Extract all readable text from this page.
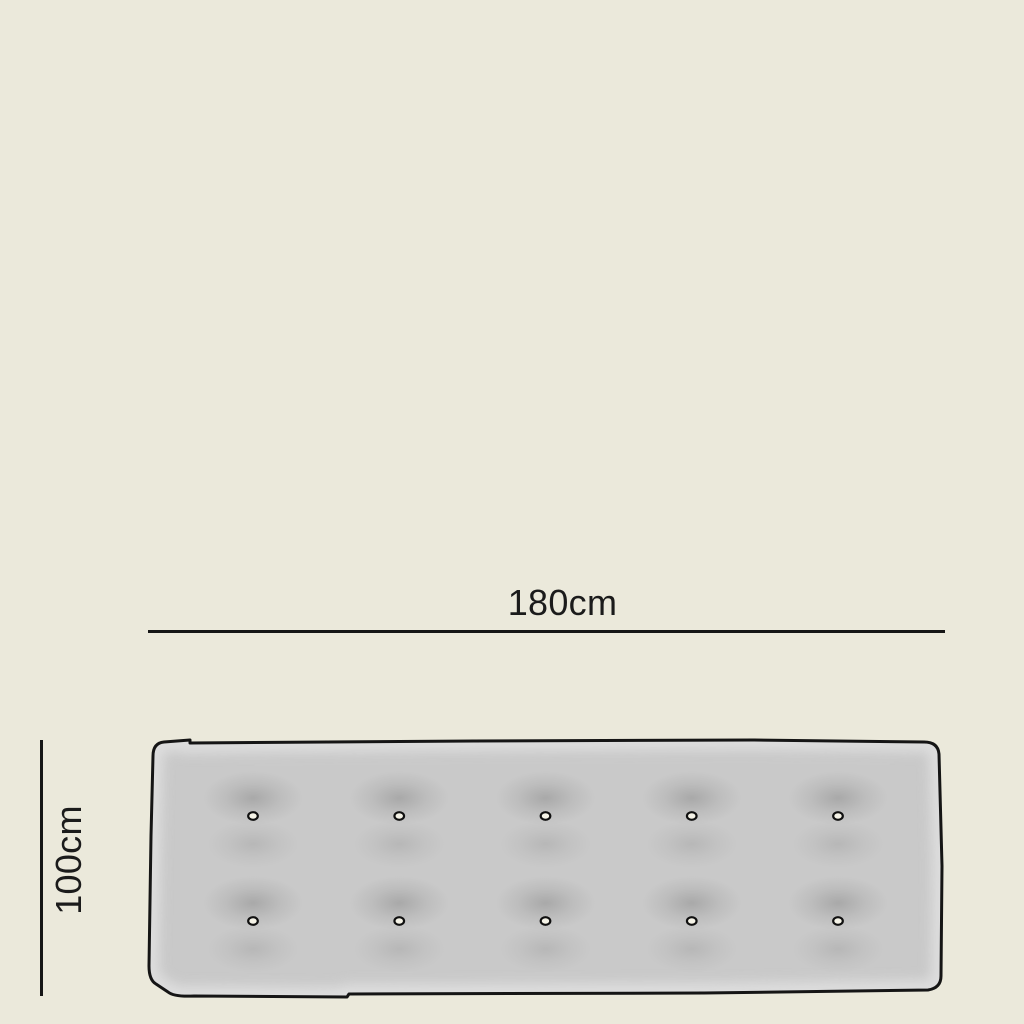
180cm
100cm
